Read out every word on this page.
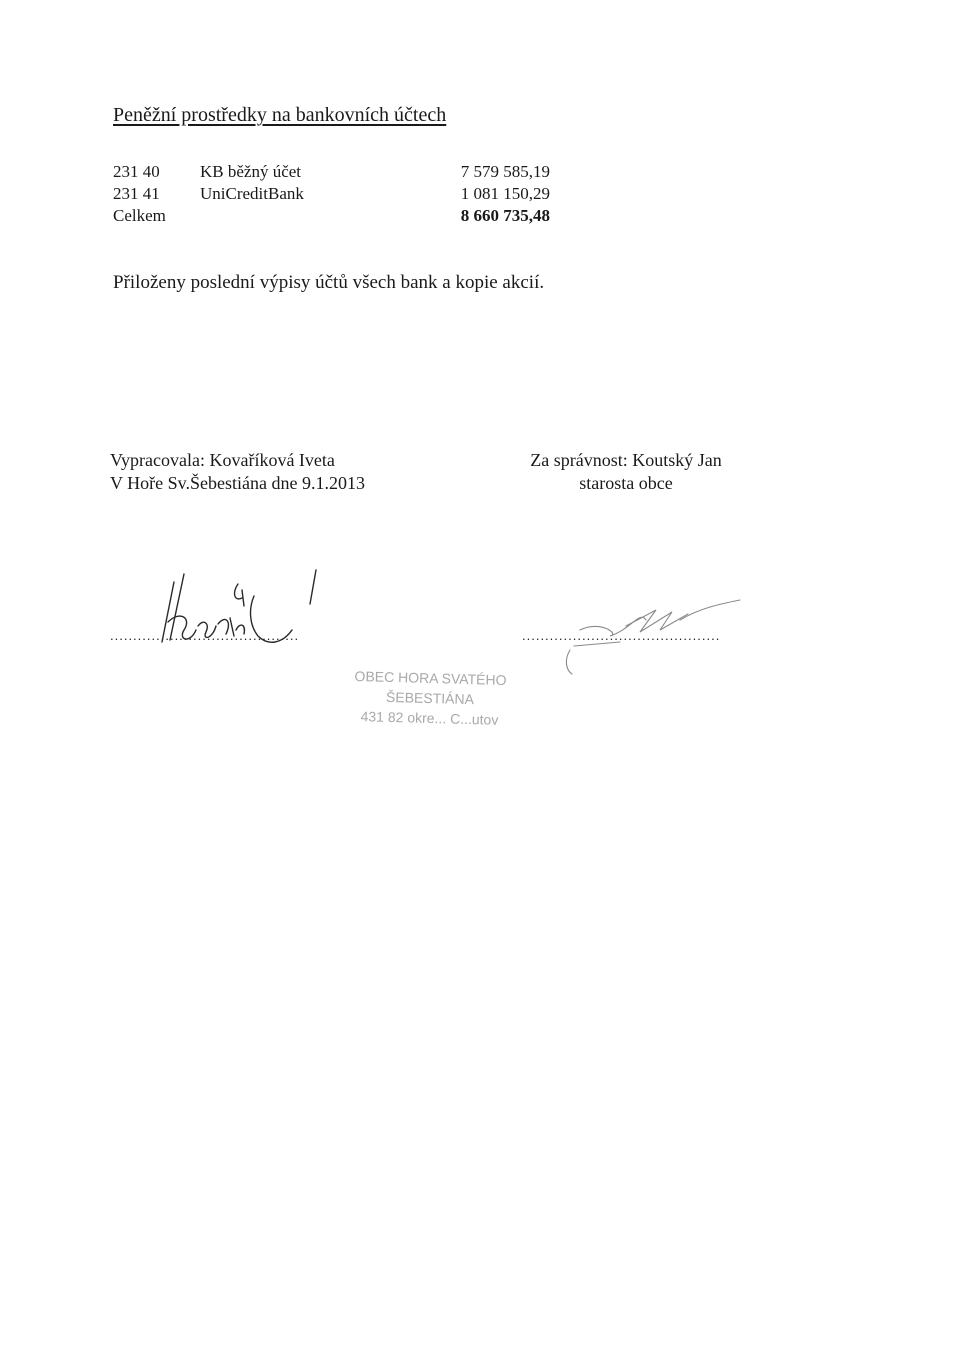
Peněžní prostředky na bankovních účtech
231 40 KB běžný účet	7 579 585,19
231 41 UniCreditBank	1 081 150,29
Celkem	8 660 735,48
Přiloženy poslední výpisy účtů všech bank a kopie akcií.
Vypracovala: Kovaříková Iveta
V Hoře Sv.Šebestiána dne 9.1.2013
Za správnost: Koutský Jan
starosta obce
.........................................	...........................................
OBEC HORA SVATÉHO
ŠEBESTIÁNA
431 82 okre... C...utov
